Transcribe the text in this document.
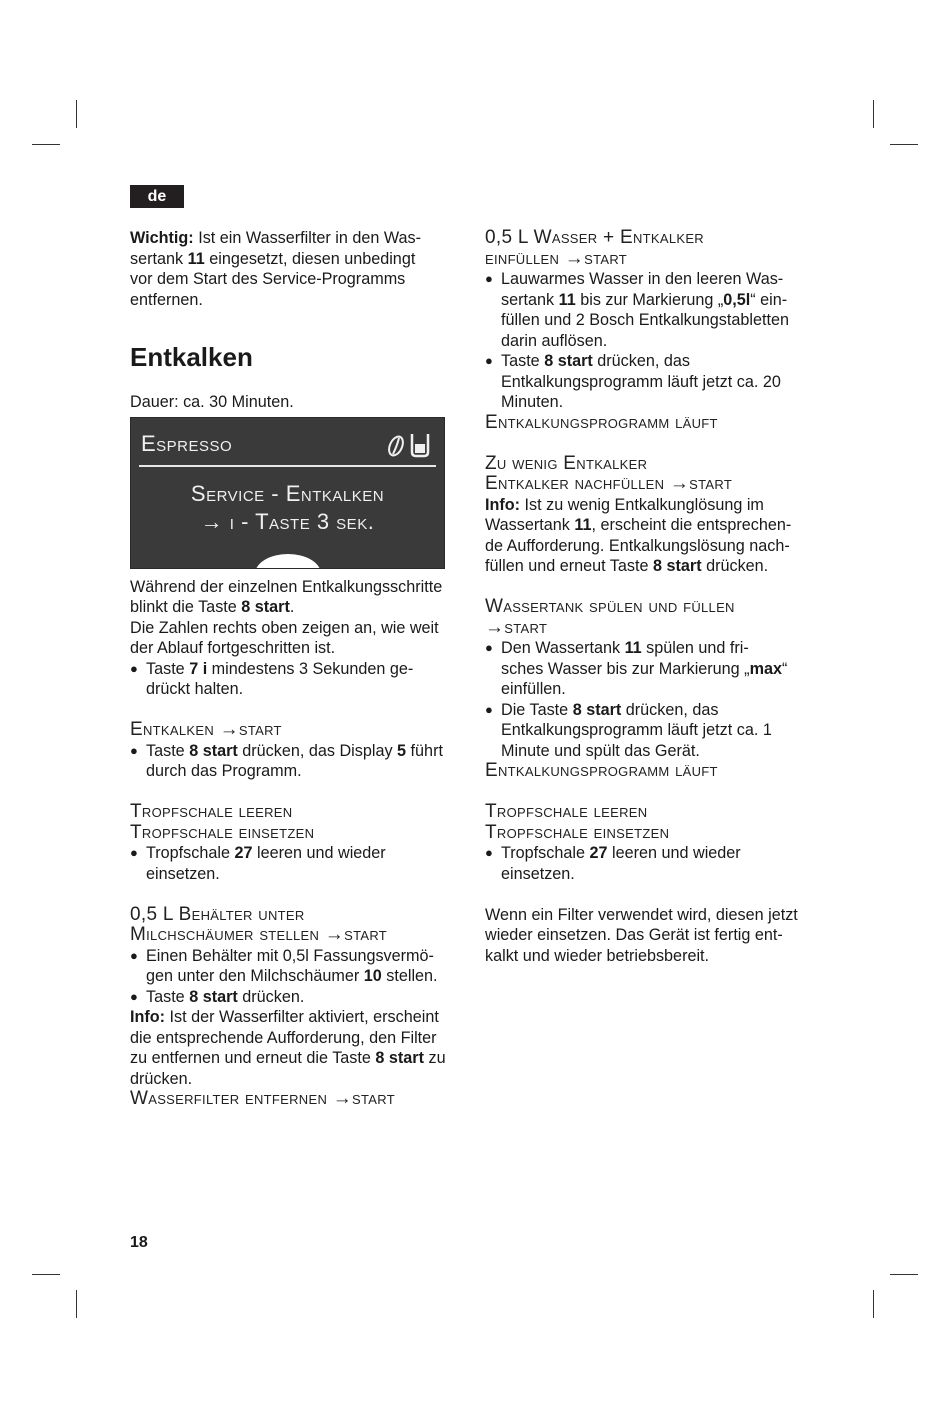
de

Wichtig: Ist ein Wasserfilter in den Was-
sertank 11 eingesetzt, diesen unbedingt
vor dem Start des Service-Programms
entfernen.

Entkalken

Dauer: ca. 30 Minuten.

Espresso
Service - Entkalken
→ i - Taste 3 sek.

Während der einzelnen Entkalkungsschritte
blinkt die Taste 8 start.
Die Zahlen rechts oben zeigen an, wie weit
der Ablauf fortgeschritten ist.

● Taste 7 i mindestens 3 Sekunden ge-
drückt halten.

Entkalken →start

● Taste 8 start drücken, das Display 5 führt
durch das Programm.

Tropfschale leeren

Tropfschale einsetzen

● Tropfschale 27 leeren und wieder
einsetzen.

0,5 L Behälter unter

Milchschäumer stellen →start

● Einen Behälter mit 0,5l Fassungsvermö-
gen unter den Milchschäumer 10 stellen.

● Taste 8 start drücken.

Info: Ist der Wasserfilter aktiviert, erscheint
die entsprechende Aufforderung, den Filter
zu entfernen und erneut die Taste 8 start zu
drücken.

Wasserfilter entfernen →start

0,5 L Wasser + Entkalker

einfüllen →start

● Lauwarmes Wasser in den leeren Was-
sertank 11 bis zur Markierung „0,5l“ ein-
füllen und 2 Bosch Entkalkungstabletten
darin auflösen.

● Taste 8 start drücken, das
Entkalkungsprogramm läuft jetzt ca. 20
Minuten.

Entkalkungsprogramm läuft

Zu wenig Entkalker

Entkalker nachfüllen →start

Info: Ist zu wenig Entkalkunglösung im
Wassertank 11, erscheint die entsprechen-
de Aufforderung. Entkalkungslösung nach-
füllen und erneut Taste 8 start drücken.

Wassertank spülen und füllen

→start

● Den Wassertank 11 spülen und fri-
sches Wasser bis zur Markierung „max“
einfüllen.

● Die Taste 8 start drücken, das
Entkalkungsprogramm läuft jetzt ca. 1
Minute und spült das Gerät.

Entkalkungsprogramm läuft

Tropfschale leeren

Tropfschale einsetzen

● Tropfschale 27 leeren und wieder
einsetzen.

Wenn ein Filter verwendet wird, diesen jetzt
wieder einsetzen. Das Gerät ist fertig ent-
kalkt und wieder betriebsbereit.

18
